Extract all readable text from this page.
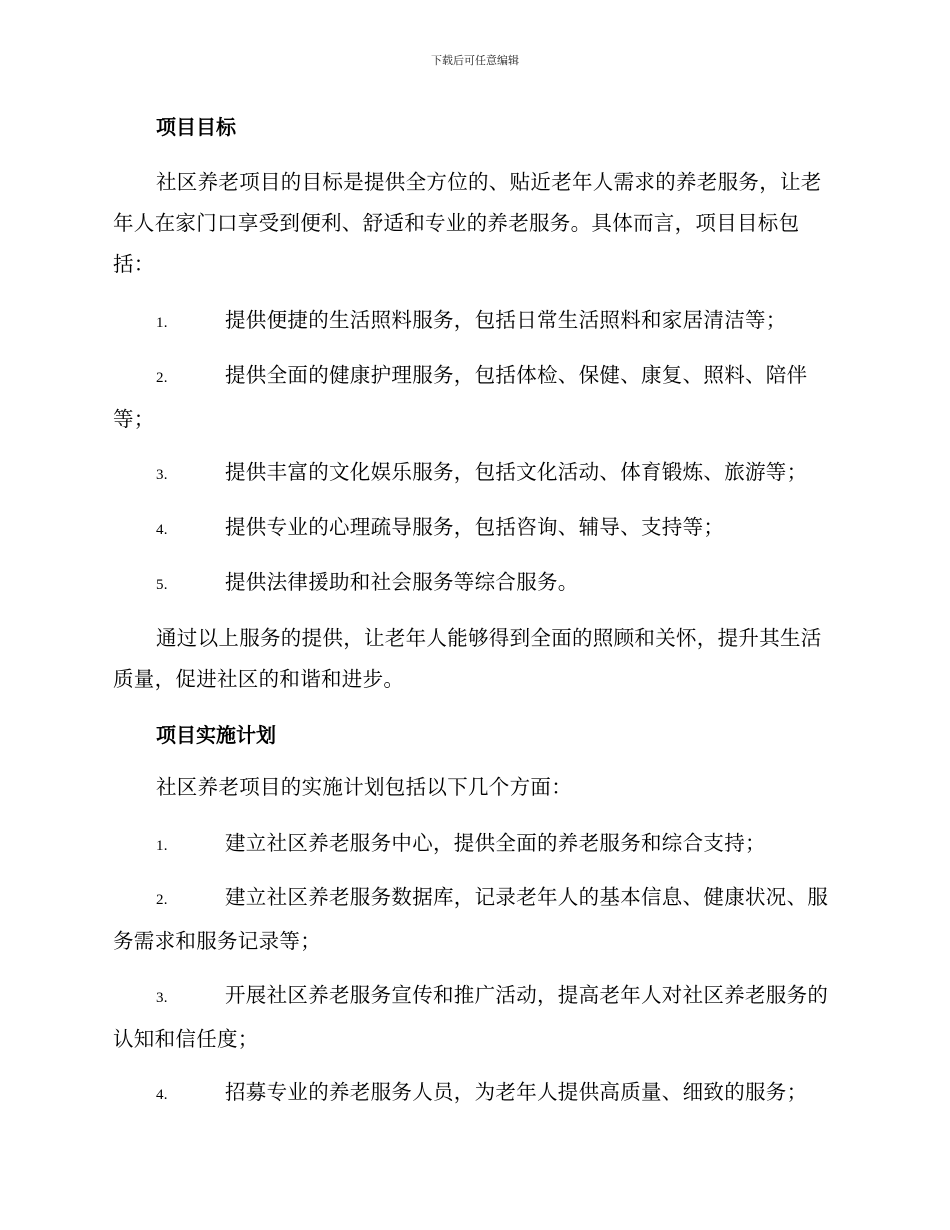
下载后可任意编辑
项目目标
社区养老项目的目标是提供全方位的、贴近老年人需求的养老服务，让老年人在家门口享受到便利、舒适和专业的养老服务。具体而言，项目目标包括：
1.	提供便捷的生活照料服务，包括日常生活照料和家居清洁等；
2.	提供全面的健康护理服务，包括体检、保健、康复、照料、陪伴等；
3.	提供丰富的文化娱乐服务，包括文化活动、体育锻炼、旅游等；
4.	提供专业的心理疏导服务，包括咨询、辅导、支持等；
5.	提供法律援助和社会服务等综合服务。
通过以上服务的提供，让老年人能够得到全面的照顾和关怀，提升其生活质量，促进社区的和谐和进步。
项目实施计划
社区养老项目的实施计划包括以下几个方面：
1.	建立社区养老服务中心，提供全面的养老服务和综合支持；
2.	建立社区养老服务数据库，记录老年人的基本信息、健康状况、服务需求和服务记录等；
3.	开展社区养老服务宣传和推广活动，提高老年人对社区养老服务的认知和信任度；
4.	招募专业的养老服务人员，为老年人提供高质量、细致的服务；
